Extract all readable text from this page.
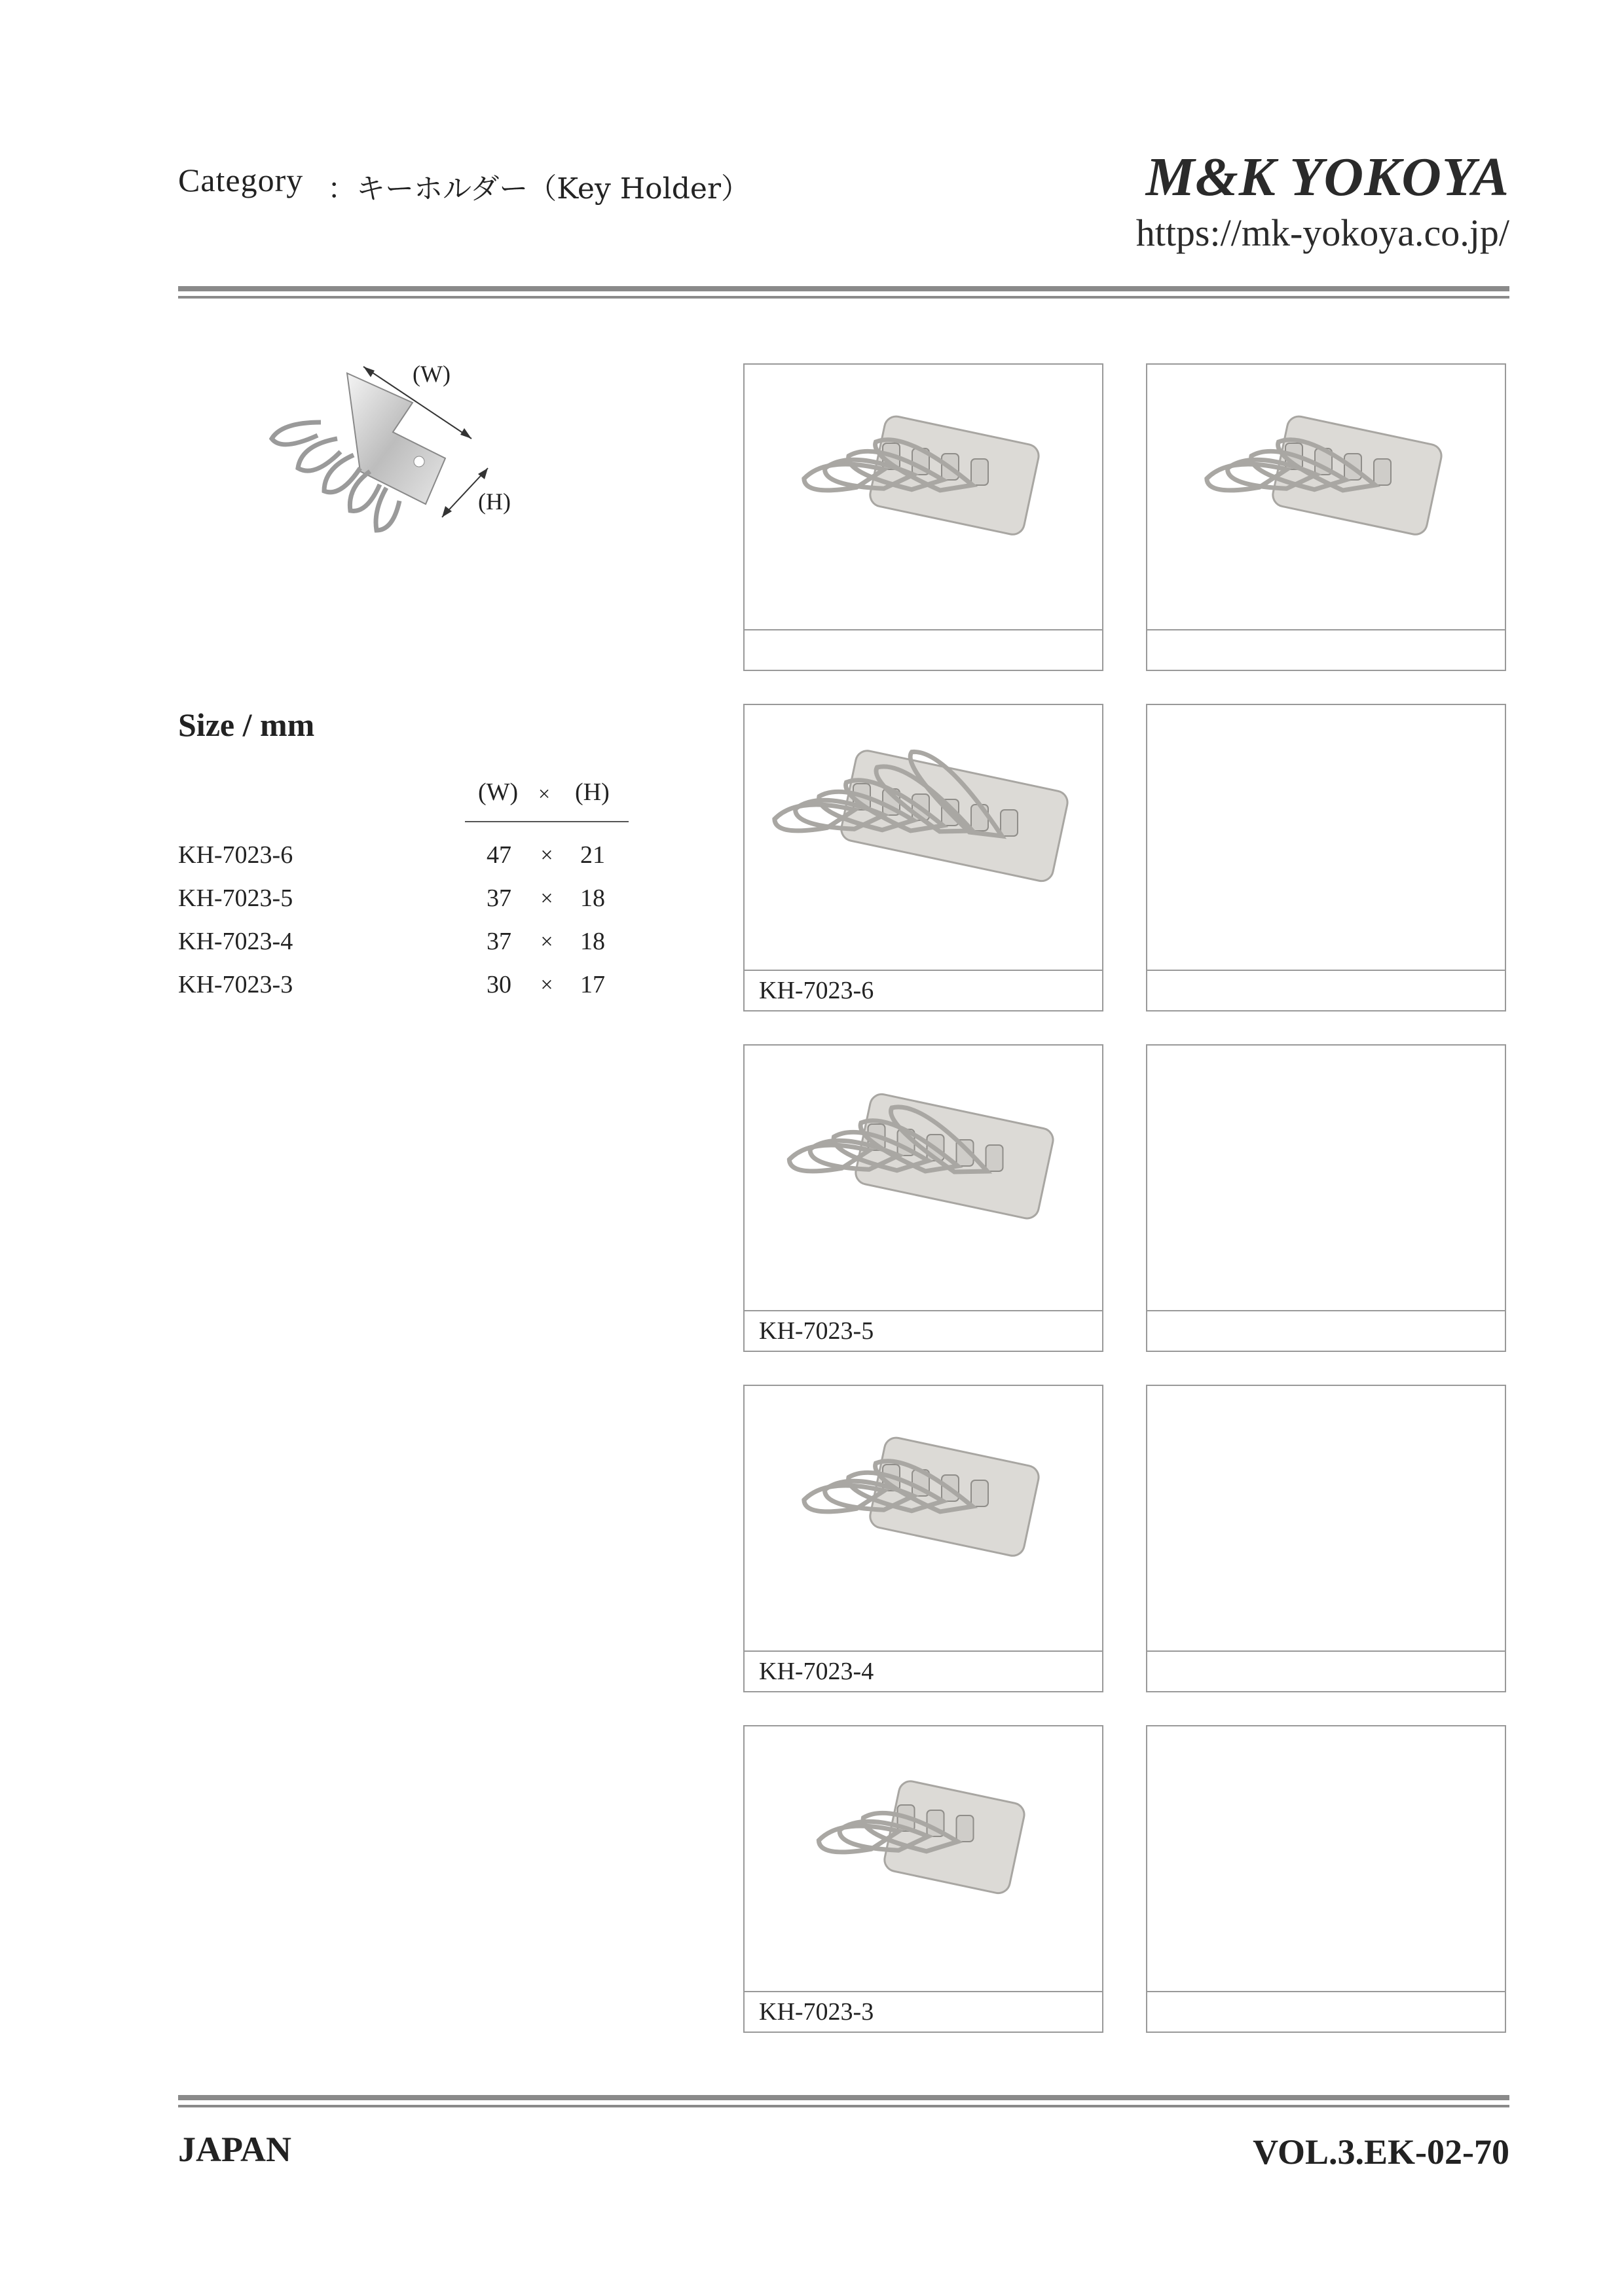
Category ：キーホルダー（Key Holder）	M&K YOKOYA
https://mk-yokoya.co.jp/
(W)
(H)
Size / mm
(W) × (H)
KH-7023-6	47 × 21
KH-7023-5	37 × 18
KH-7023-4	37 × 18
KH-7023-3	30 × 17	KH-7023-6
KH-7023-5
KH-7023-4
KH-7023-3
JAPAN	VOL.3.EK-02-70
